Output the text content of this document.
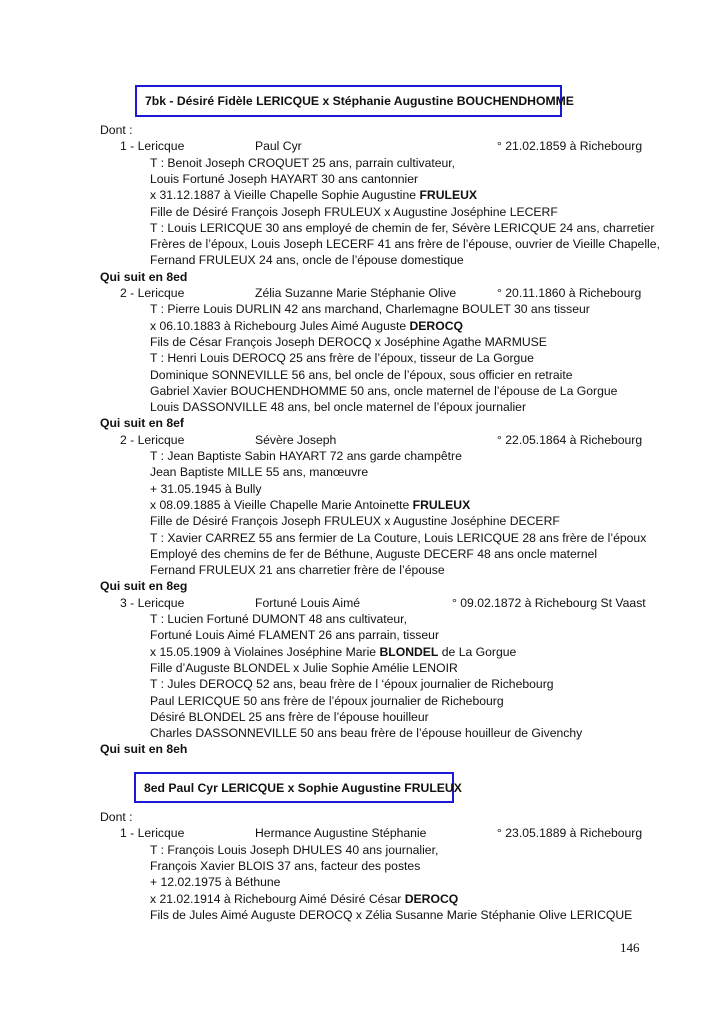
7bk - Désiré Fidèle LERICQUE x Stéphanie Augustine BOUCHENDHOMME
Dont :
1 - Lericque	Paul Cyr	° 21.02.1859 à Richebourg
T : Benoit Joseph CROQUET 25 ans, parrain cultivateur,
Louis Fortuné Joseph HAYART 30 ans cantonnier
x 31.12.1887 à Vieille Chapelle Sophie Augustine FRULEUX
Fille de Désiré François Joseph FRULEUX x Augustine Joséphine LECERF
T : Louis LERICQUE 30 ans employé de chemin de fer, Sévère LERICQUE 24 ans, charretier
Frères de l’époux, Louis Joseph LECERF 41 ans frère de l’épouse, ouvrier de Vieille Chapelle,
Fernand FRULEUX 24 ans, oncle de l’épouse domestique
Qui suit en 8ed
2 - Lericque	Zélia Suzanne Marie Stéphanie Olive	° 20.11.1860 à Richebourg
T : Pierre Louis DURLIN 42 ans marchand, Charlemagne BOULET 30 ans tisseur
x 06.10.1883 à Richebourg Jules Aimé Auguste DEROCQ
Fils de César François Joseph DEROCQ x Joséphine Agathe MARMUSE
T : Henri Louis DEROCQ 25 ans frère de l’époux, tisseur de La Gorgue
Dominique SONNEVILLE 56 ans, bel oncle de l’époux, sous officier en retraite
Gabriel Xavier BOUCHENDHOMME 50 ans, oncle maternel de l’épouse de La Gorgue
Louis DASSONVILLE 48 ans, bel oncle maternel de l’époux journalier
Qui suit en 8ef
2 - Lericque	Sévère Joseph	° 22.05.1864 à Richebourg
T : Jean Baptiste Sabin HAYART 72 ans garde champêtre
Jean Baptiste MILLE 55 ans, manœuvre
+ 31.05.1945 à Bully
x 08.09.1885 à Vieille Chapelle Marie Antoinette FRULEUX
Fille de Désiré François Joseph FRULEUX x Augustine Joséphine DECERF
T : Xavier CARREZ 55 ans fermier de La Couture, Louis LERICQUE 28 ans frère de l’époux
Employé des chemins de fer de Béthune, Auguste DECERF 48 ans oncle maternel
Fernand FRULEUX 21 ans charretier frère de l’épouse
Qui suit en 8eg
3 - Lericque	Fortuné Louis Aimé	° 09.02.1872 à Richebourg St Vaast
T : Lucien Fortuné DUMONT 48 ans cultivateur,
Fortuné Louis Aimé FLAMENT 26 ans parrain, tisseur
x 15.05.1909 à Violaines Joséphine Marie BLONDEL de La Gorgue
Fille d’Auguste BLONDEL x Julie Sophie Amélie LENOIR
T : Jules DEROCQ 52 ans, beau frère de l ‘époux journalier de Richebourg
Paul LERICQUE 50 ans frère de l’époux journalier de Richebourg
Désiré BLONDEL 25 ans frère de l’épouse houilleur
Charles DASSONNEVILLE 50 ans beau frère de l’épouse houilleur de Givenchy
Qui suit en 8eh
8ed Paul Cyr LERICQUE x Sophie Augustine FRULEUX
Dont :
1 - Lericque	Hermance Augustine Stéphanie	° 23.05.1889 à Richebourg
T : François Louis Joseph DHULES 40 ans journalier,
François Xavier BLOIS 37 ans, facteur des postes
+ 12.02.1975 à Béthune
x 21.02.1914 à Richebourg Aimé Désiré César DEROCQ
Fils de Jules Aimé Auguste DEROCQ x Zélia Susanne Marie Stéphanie Olive LERICQUE
146
